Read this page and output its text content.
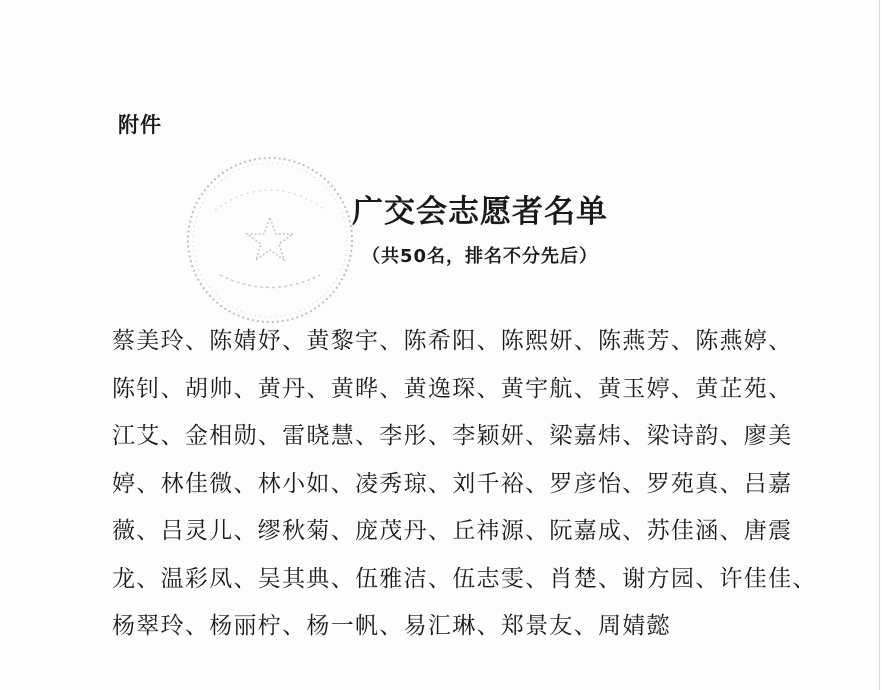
附件
广交会志愿者名单
（共50名，排名不分先后）
蔡美玲、陈婧妤、黄黎宇、陈希阳、陈熙妍、陈燕芳、陈燕婷、
陈钊、胡帅、黄丹、黄晔、黄逸琛、黄宇航、黄玉婷、黄芷苑、
江艾、金相勋、雷晓慧、李彤、李颖妍、梁嘉炜、梁诗韵、廖美
婷、林佳微、林小如、凌秀琼、刘千裕、罗彦怡、罗苑真、吕嘉
薇、吕灵儿、缪秋菊、庞茂丹、丘祎源、阮嘉成、苏佳涵、唐震
龙、温彩凤、吴其典、伍雅洁、伍志雯、肖楚、谢方园、许佳佳、
杨翠玲、杨丽柠、杨一帆、易汇琳、郑景友、周婧懿
